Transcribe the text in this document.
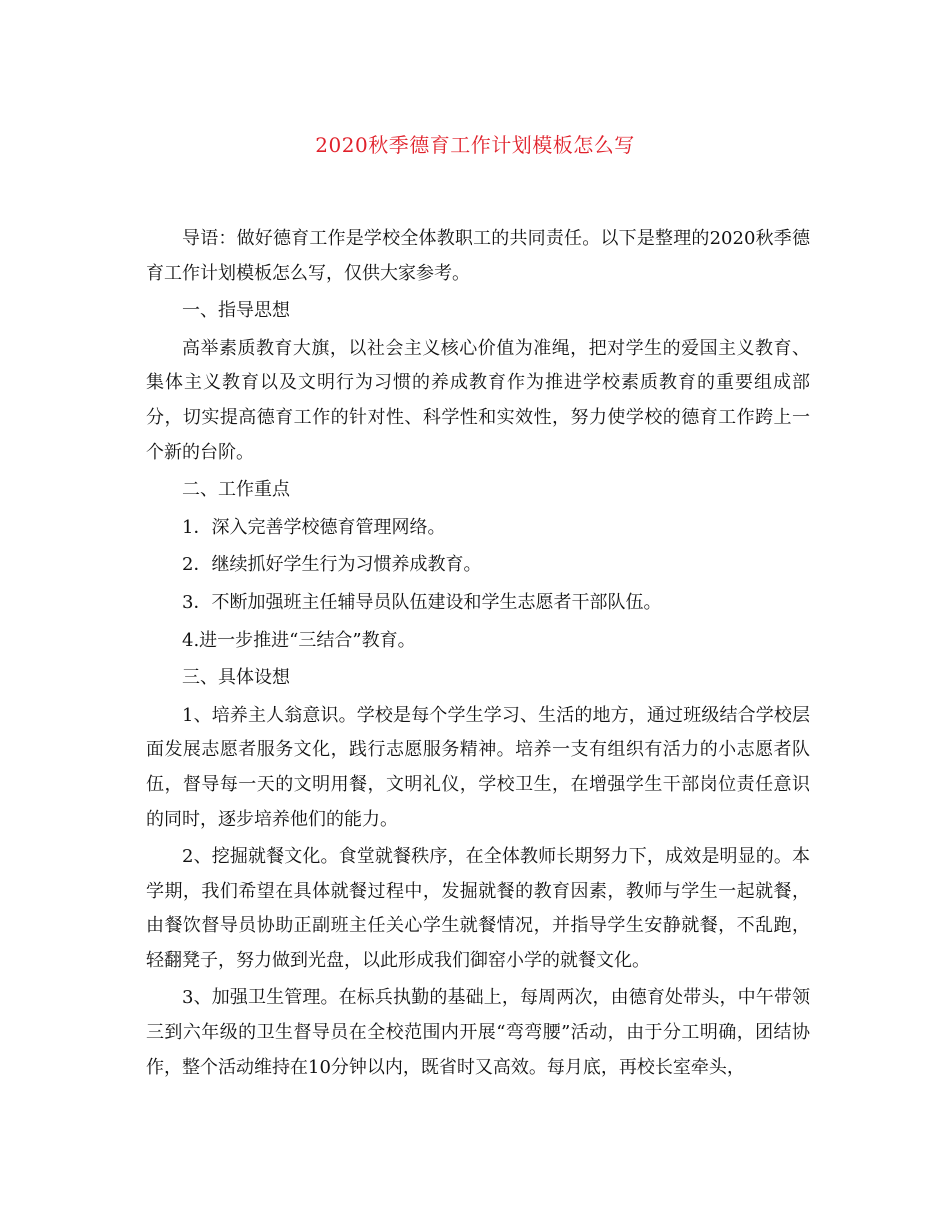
2020秋季德育工作计划模板怎么写

导语：做好德育工作是学校全体教职工的共同责任。以下是整理的2020秋季德育工作计划模板怎么写，仅供大家参考。

一、指导思想

高举素质教育大旗，以社会主义核心价值为准绳，把对学生的爱国主义教育、集体主义教育以及文明行为习惯的养成教育作为推进学校素质教育的重要组成部分，切实提高德育工作的针对性、科学性和实效性，努力使学校的德育工作跨上一个新的台阶。

二、工作重点

1．深入完善学校德育管理网络。

2．继续抓好学生行为习惯养成教育。

3．不断加强班主任辅导员队伍建设和学生志愿者干部队伍。

4.进一步推进“三结合”教育。

三、具体设想

1、培养主人翁意识。学校是每个学生学习、生活的地方，通过班级结合学校层面发展志愿者服务文化，践行志愿服务精神。培养一支有组织有活力的小志愿者队伍，督导每一天的文明用餐，文明礼仪，学校卫生，在增强学生干部岗位责任意识的同时，逐步培养他们的能力。

2、挖掘就餐文化。食堂就餐秩序，在全体教师长期努力下，成效是明显的。本学期，我们希望在具体就餐过程中，发掘就餐的教育因素，教师与学生一起就餐，由餐饮督导员协助正副班主任关心学生就餐情况，并指导学生安静就餐，不乱跑，轻翻凳子，努力做到光盘，以此形成我们御窑小学的就餐文化。

3、加强卫生管理。在标兵执勤的基础上，每周两次，由德育处带头，中午带领三到六年级的卫生督导员在全校范围内开展“弯弯腰”活动，由于分工明确，团结协作，整个活动维持在10分钟以内，既省时又高效。每月底，再校长室牵头，
